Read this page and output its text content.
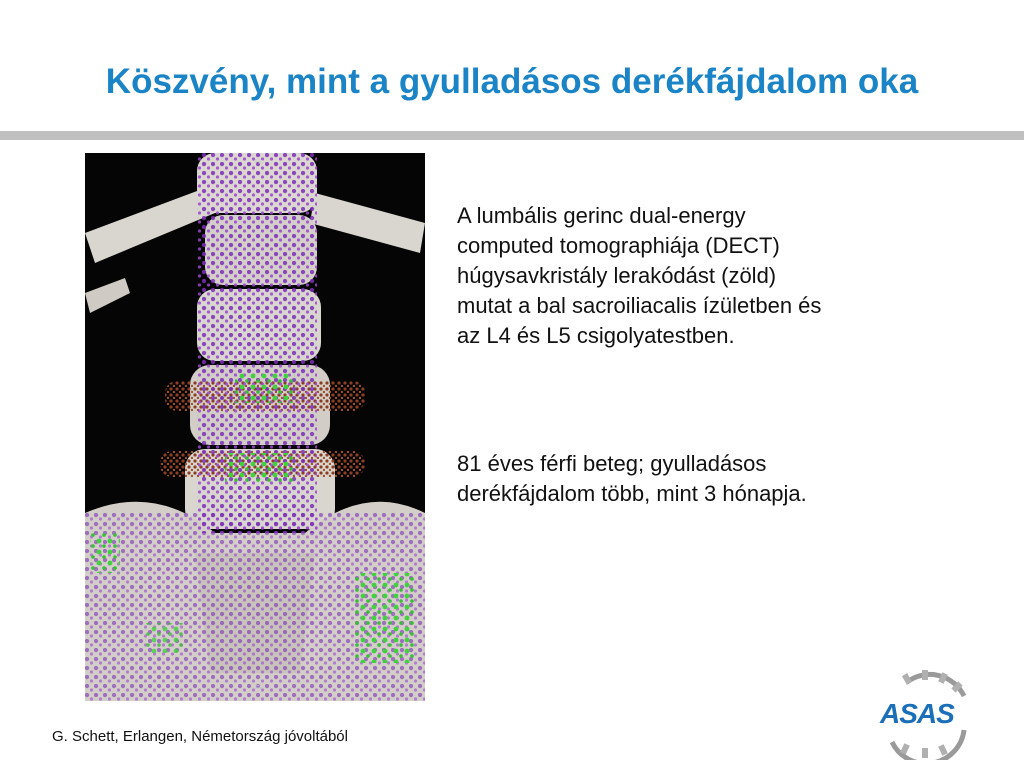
Köszvény, mint a gyulladásos derékfájdalom oka
Hs
FP

A lumbális gerinc dual-energy
computed tomographiája (DECT)
húgysavkristály lerakódást (zöld)
mutat a bal sacroiliacalis ízületben és
az L4 és L5 csigolyatestben.

81 éves férfi beteg; gyulladásos
derékfájdalom több, mint 3 hónapja.

G. Schett, Erlangen, Németország jóvoltából
ASAS
